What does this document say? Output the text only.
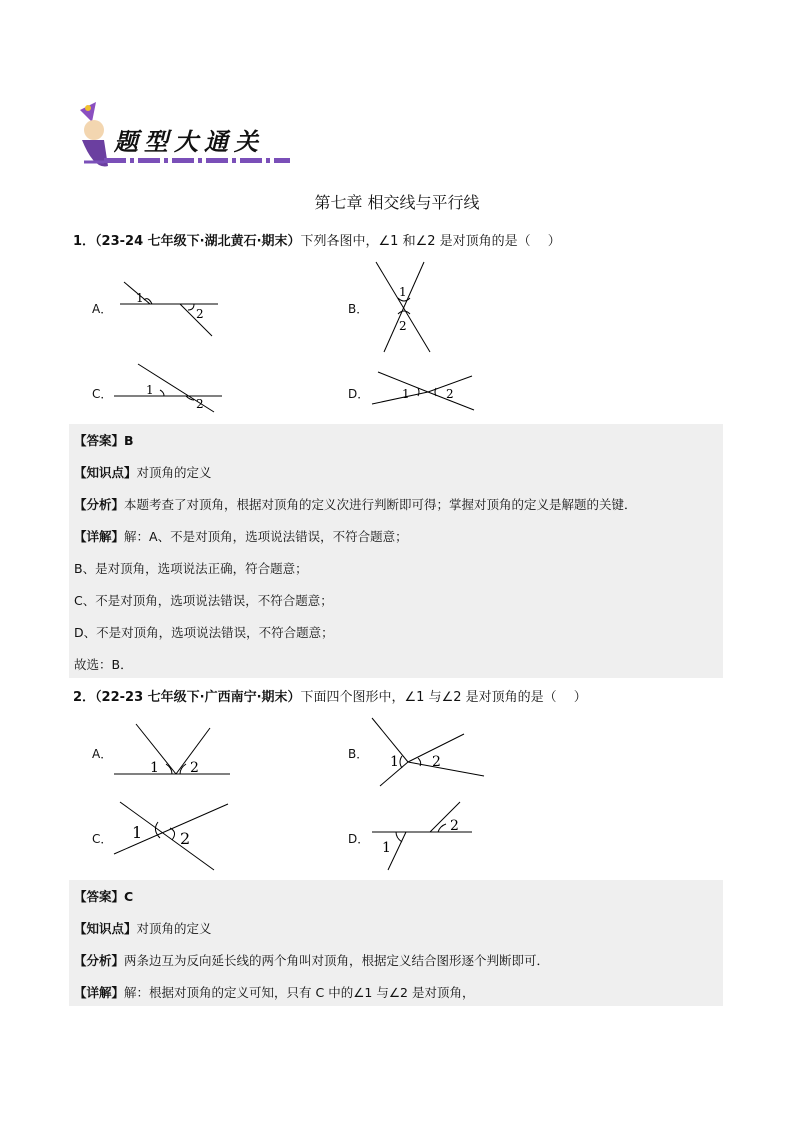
题型大通关
第七章 相交线与平行线
1．（23-24 七年级下·湖北黄石·期末）下列各图中，∠1 和∠2 是对顶角的是（　 ）
A．
1
2	B．
1
2
C．	1
2
D．	1	2
【答案】B
【知识点】对顶角的定义
【分析】本题考查了对顶角，根据对顶角的定义次进行判断即可得；掌握对顶角的定义是解题的关键．
【详解】解：A、不是对顶角，选项说法错误，不符合题意；
B、是对顶角，选项说法正确，符合题意；
C、不是对顶角，选项说法错误，不符合题意；
D、不是对顶角，选项说法错误，不符合题意；
故选：B．
2．（22-23 七年级下·广西南宁·期末）下面四个图形中，∠1 与∠2 是对顶角的是（　 ）
A．
1 2
B． 1 2
C． 1 2	D．
1
2
【答案】C
【知识点】对顶角的定义
【分析】两条边互为反向延长线的两个角叫对顶角，根据定义结合图形逐个判断即可．
【详解】解：根据对顶角的定义可知，只有 C 中的∠1 与∠2 是对顶角，
